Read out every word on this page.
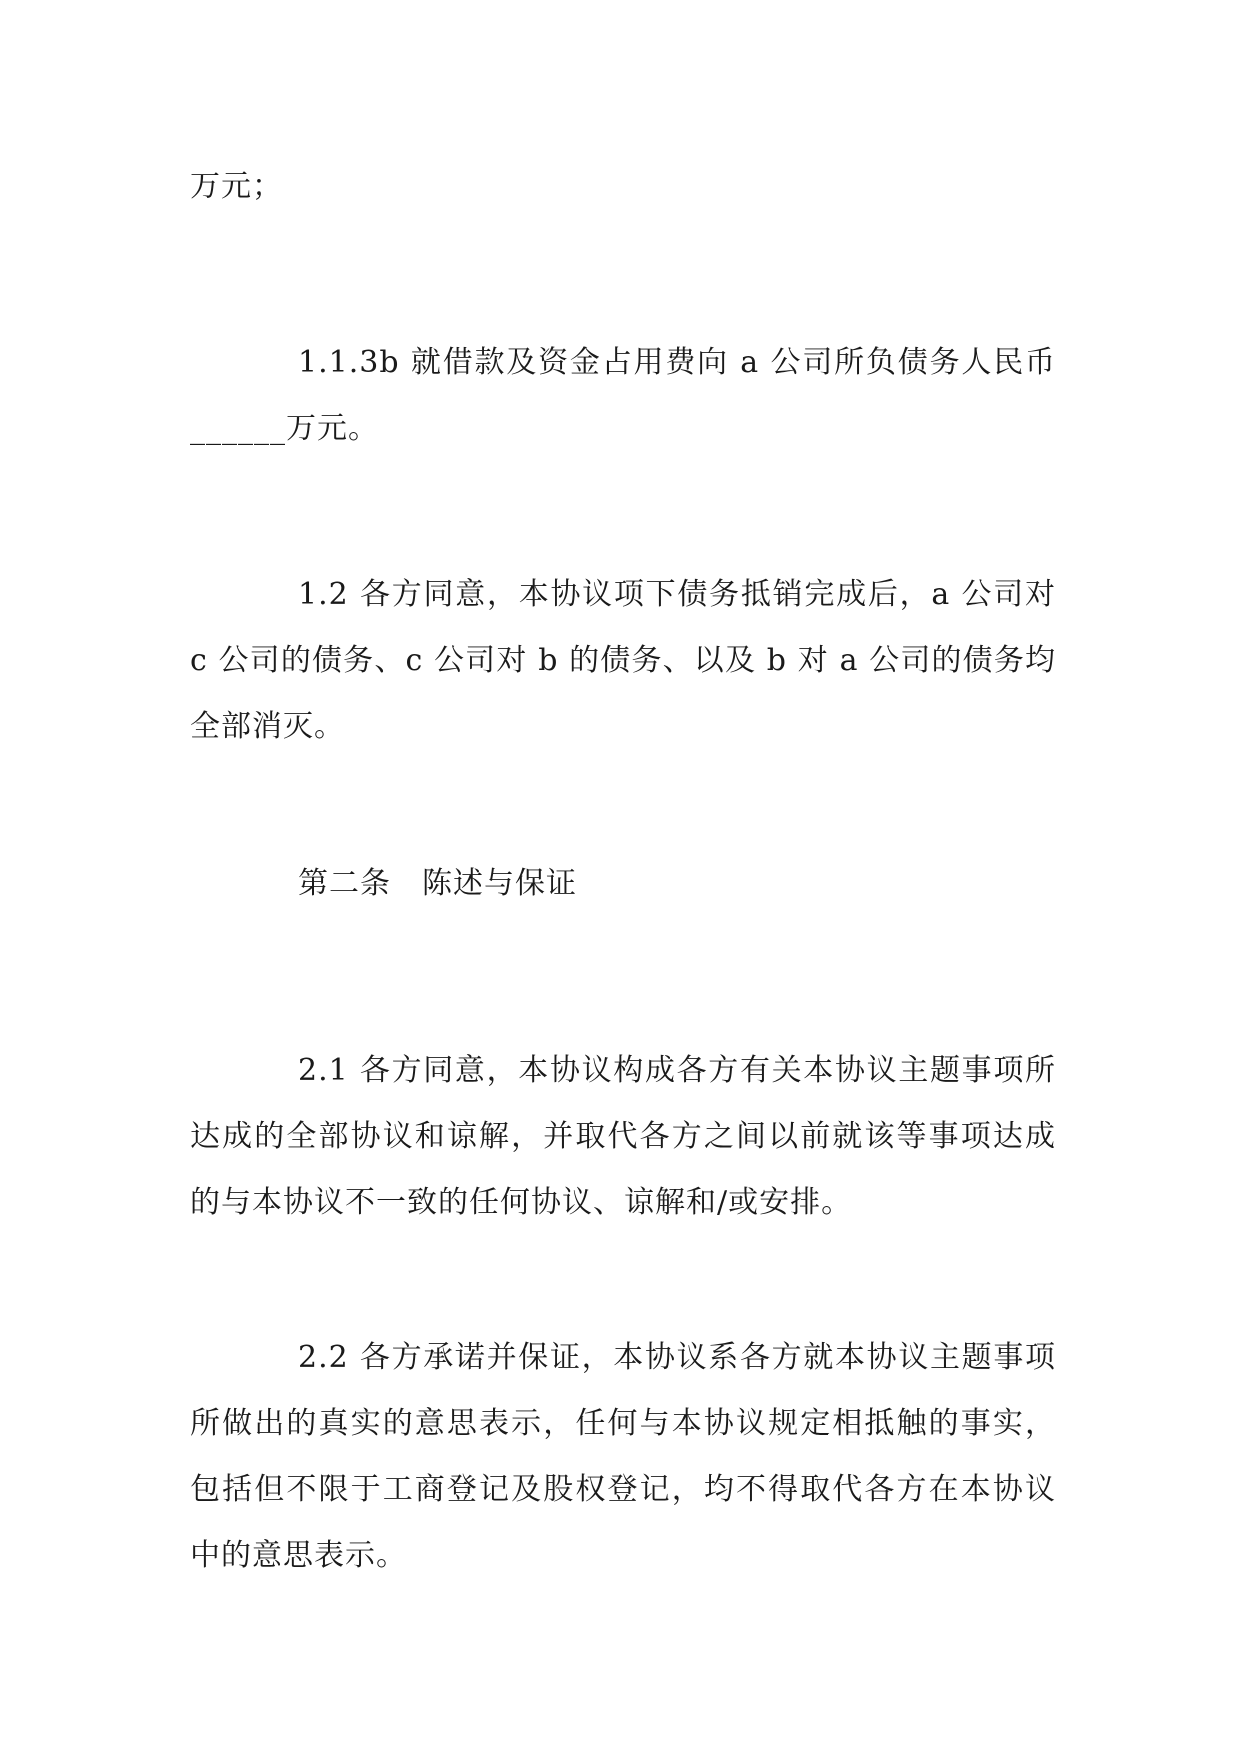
万元；

1.1.3b 就借款及资金占用费向 a 公司所负债务人民币______万元。

1.2 各方同意，本协议项下债务抵销完成后，a 公司对 c 公司的债务、c 公司对 b 的债务、以及 b 对 a 公司的债务均全部消灭。

第二条　陈述与保证

2.1 各方同意，本协议构成各方有关本协议主题事项所达成的全部协议和谅解，并取代各方之间以前就该等事项达成的与本协议不一致的任何协议、谅解和/或安排。

2.2 各方承诺并保证，本协议系各方就本协议主题事项所做出的真实的意思表示，任何与本协议规定相抵触的事实，包括但不限于工商登记及股权登记，均不得取代各方在本协议中的意思表示。
